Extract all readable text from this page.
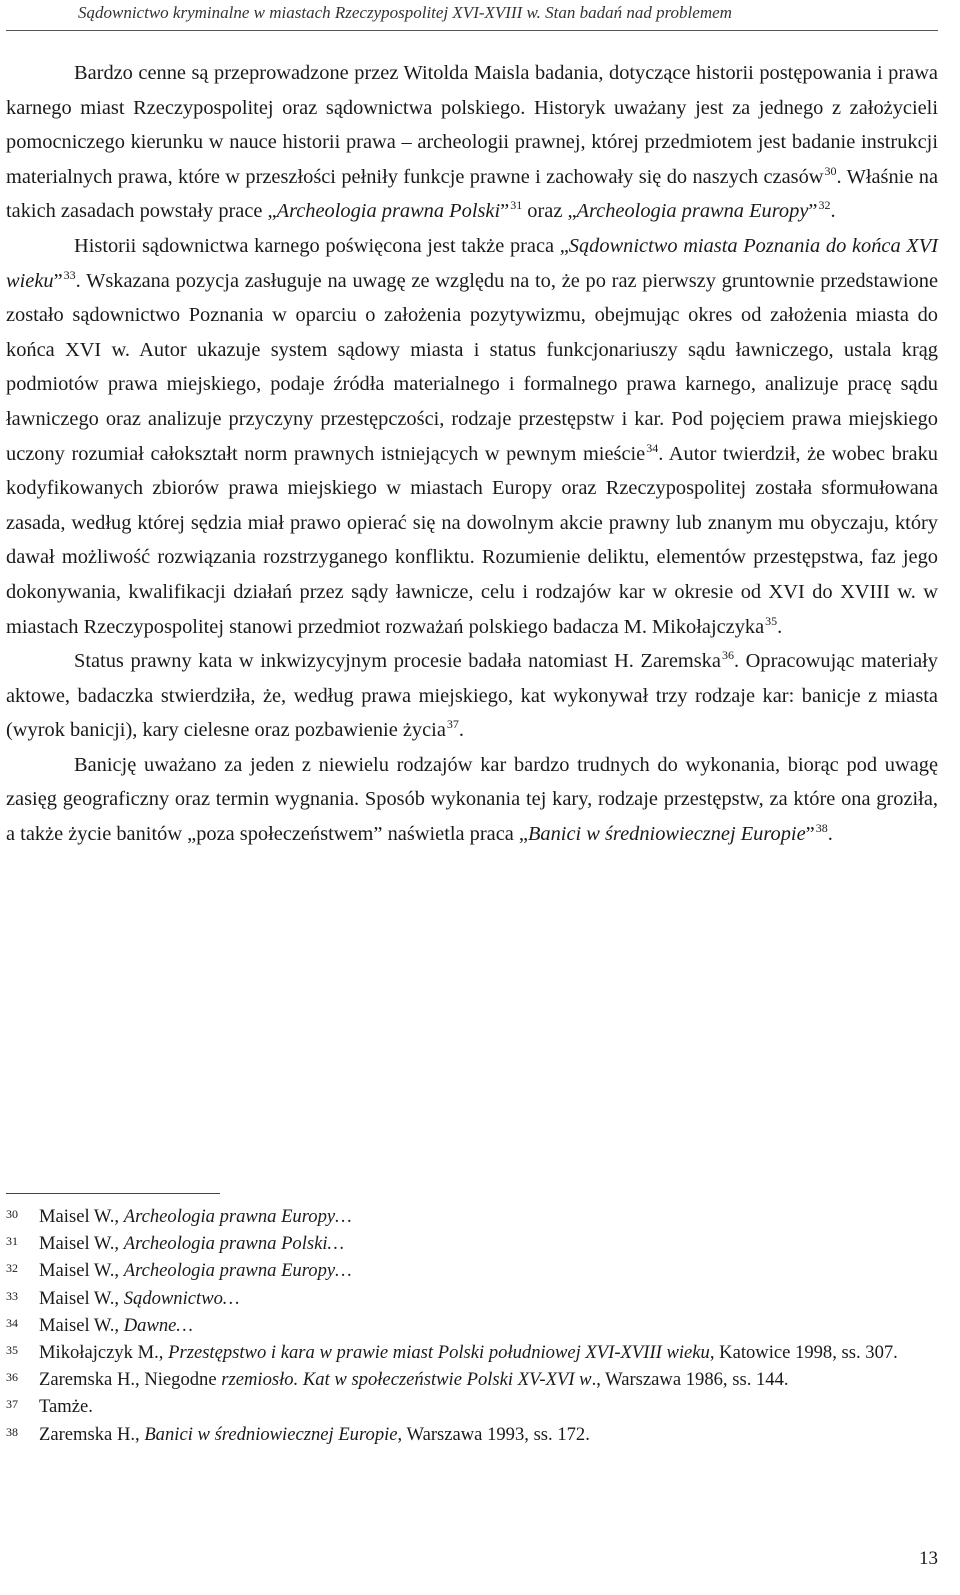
Sądownictwo kryminalne w miastach Rzeczypospolitej XVI-XVIII w. Stan badań nad problemem

Bardzo cenne są przeprowadzone przez Witolda Maisla badania, dotyczące historii postępowania i prawa karnego miast Rzeczypospolitej oraz sądownictwa polskiego. Historyk uważany jest za jednego z założycieli pomocniczego kierunku w nauce historii prawa – archeologii prawnej, której przedmiotem jest badanie instrukcji materialnych prawa, które w przeszłości pełniły funkcje prawne i zachowały się do naszych czasów$^{30}$. Właśnie na takich zasadach powstały prace „Archeologia prawna Polski”$^{31}$ oraz „Archeologia prawna Europy”$^{32}$.

Historii sądownictwa karnego poświęcona jest także praca „Sądownictwo miasta Poznania do końca XVI wieku”$^{33}$. Wskazana pozycja zasługuje na uwagę ze względu na to, że po raz pierwszy gruntownie przedstawione zostało sądownictwo Poznania w oparciu o założenia pozytywizmu, obejmując okres od założenia miasta do końca XVI w. Autor ukazuje system sądowy miasta i status funkcjonariuszy sądu ławniczego, ustala krąg podmiotów prawa miejskiego, podaje źródła materialnego i formalnego prawa karnego, analizuje pracę sądu ławniczego oraz analizuje przyczyny przestępczości, rodzaje przestępstw i kar. Pod pojęciem prawa miejskiego uczony rozumiał całokształt norm prawnych istniejących w pewnym mieście$^{34}$. Autor twierdził, że wobec braku kodyfikowanych zbiorów prawa miejskiego w miastach Europy oraz Rzeczypospolitej została sformułowana zasada, według której sędzia miał prawo opierać się na dowolnym akcie prawny lub znanym mu obyczaju, który dawał możliwość rozwiązania rozstrzyganego konfliktu. Rozumienie deliktu, elementów przestępstwa, faz jego dokonywania, kwalifikacji działań przez sądy ławnicze, celu i rodzajów kar w okresie od XVI do XVIII w. w miastach Rzeczypospolitej stanowi przedmiot rozważań polskiego badacza M. Mikołajczyka$^{35}$.

Status prawny kata w inkwizycyjnym procesie badała natomiast H. Zaremska$^{36}$. Opracowując materiały aktowe, badaczka stwierdziła, że, według prawa miejskiego, kat wykonywał trzy rodzaje kar: banicje z miasta (wyrok banicji), kary cielesne oraz pozbawienie życia$^{37}$.

Banicję uważano za jeden z niewielu rodzajów kar bardzo trudnych do wykonania, biorąc pod uwagę zasięg geograficzny oraz termin wygnania. Sposób wykonania tej kary, rodzaje przestępstw, za które ona groziła, a także życie banitów „poza społeczeństwem” naświetla praca „Banici w średniowiecznej Europie”$^{38}$.

30	Maisel W., Archeologia prawna Europy…
31	Maisel W., Archeologia prawna Polski…
32	Maisel W., Archeologia prawna Europy…
33	Maisel W., Sądownictwo…
34	Maisel W., Dawne…
35	Mikołajczyk M., Przestępstwo i kara w prawie miast Polski południowej XVI-XVIII wieku, Katowice 1998, ss. 307.
36	Zaremska H., Niegodne rzemiosło. Kat w społeczeństwie Polski XV-XVI w., Warszawa 1986, ss. 144.
37	Tamże.
38	Zaremska H., Banici w średniowiecznej Europie, Warszawa 1993, ss. 172.
13
